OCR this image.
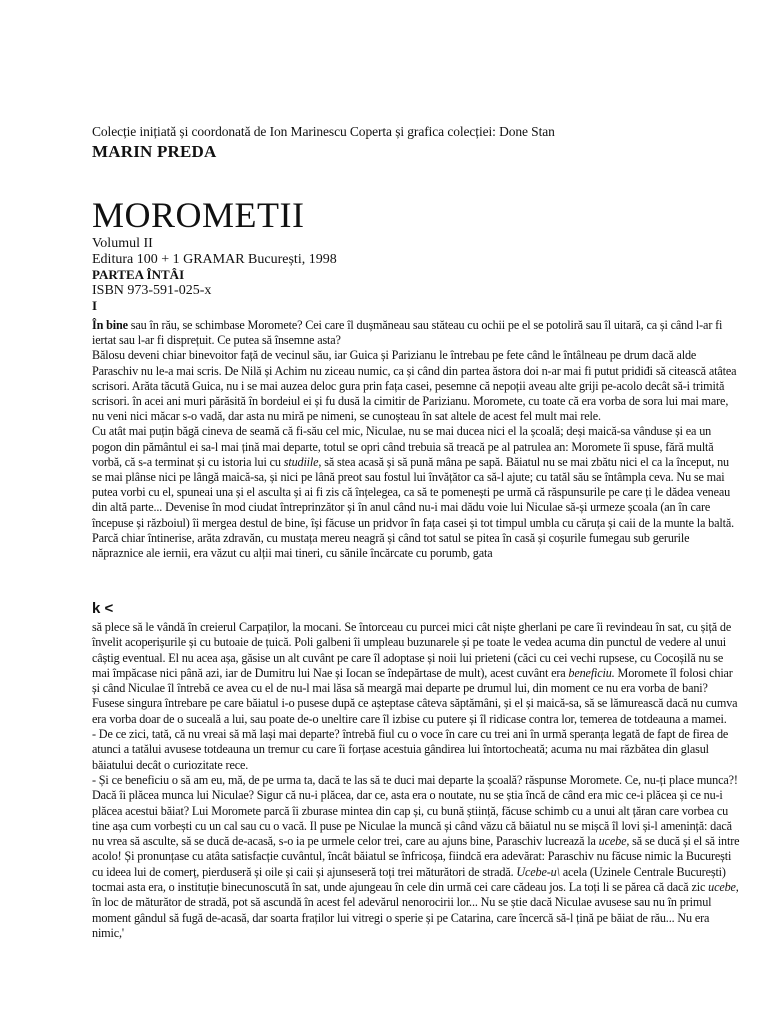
Colecție inițiată și coordonată de Ion Marinescu Coperta și grafica colecției: Done Stan
MARIN PREDA
MOROMETII
Volumul II
Editura 100 + 1 GRAMAR București, 1998
PARTEA ÎNTÂI
ISBN 973-591-025-x
I

În bine sau în rău, se schimbase Moromete? Cei care îl dușmăneau sau stăteau cu ochii pe el se potoliră sau îl uitară, ca și când l-ar fi iertat sau l-ar fi disprețuit. Ce putea să însemne asta?

Bălosu deveni chiar binevoitor față de vecinul său, iar Guica și Parizianu le întrebau pe fete când le întâlneau pe drum dacă alde Paraschiv nu le-a mai scris. De Nilă și Achim nu ziceau numic, ca și când din partea ăstora doi n-ar mai fi putut pridiđi să citească atâtea scrisori. Arăta tăcută Guica, nu i se mai auzea deloc gura prin fața casei, pesemne că nepoții aveau alte griji pe-acolo decât să-i trimită scrisori. în acei ani muri părăsită în bordeiul ei și fu dusă la cimitir de Parizianu. Moromete, cu toate că era vorba de sora lui mai mare, nu veni nici măcar s-o vadă, dar asta nu miră pe nimeni, se cunoșteau în sat altele de acest fel mult mai rele.

Cu atât mai puțin băgă cineva de seamă că fi-său cel mic, Niculae, nu se mai ducea nici el la școală; deși maică-sa vânduse și ea un pogon din pământul ei sa-l mai țină mai departe, totul se opri când trebuia să treacă pe al patrulea an: Moromete îi spuse, fără multă vorbă, că s-a terminat și cu istoria lui cu studiile, să stea acasă și să pună mâna pe sapă. Băiatul nu se mai zbătu nici el ca la început, nu se mai plânse nici pe lângă maică-sa, și nici pe lână preot sau fostul lui învățător ca să-l ajute; cu tatăl său se întâmpla ceva. Nu se mai putea vorbi cu el, spuneai una și el asculta și ai fi zis că înțelegea, ca să te pomenești pe urmă că răspunsurile pe care ți le dădea veneau din altă parte... Devenise în mod ciudat întreprinzător și în anul când nu-i mai dădu voie lui Niculae să-și urmeze școala (an în care începuse și războiul) îi mergea destul de bine, își făcuse un pridvor în fața casei și tot timpul umbla cu căruța și caii de la munte la baltă. Parcă chiar întinerise, arăta zdravăn, cu mustața mereu neagră și când tot satul se pitea în casă și coșurile fumegau sub gerurile năpraznice ale iernii, era văzut cu alții mai tineri, cu sănile încărcate cu porumb, gata

k <

să plece să le vândă în creierul Carpaților, la mocani. Se întorceau cu purcei mici cât niște gherlani pe care îi revindeau în sat, cu șiță de învelit acoperișurile și cu butoaie de țuică. Poli galbeni îi umpleau buzunarele și pe toate le vedea acuma din punctul de vedere al unui câștig eventual. El nu acea așa, găsise un alt cuvânt pe care îl adoptase și noii lui prieteni (căci cu cei vechi rupsese, cu Cocoșilă nu se mai împăcase nici până azi, iar de Dumitru lui Nae și Iocan se îndepărtase de mult), acest cuvânt era beneficiu. Moromete îl folosi chiar și când Niculae îl întrebă ce avea cu el de nu-l mai lăsa să meargă mai departe pe drumul lui, din moment ce nu era vorba de bani? Fusese singura întrebare pe care băiatul i-o pusese după ce așteptase câteva săptămâni, și el și maică-sa, să se lămurească dacă nu cumva era vorba doar de o suceală a lui, sau poate de-o uneltire care îl izbise cu putere și îl ridicase contra lor, temerea de totdeauna a mamei.

- De ce zici, tată, că nu vreai să mă lași mai departe? întrebă fiul cu o voce în care cu trei ani în urmă speranța legată de fapt de firea de atunci a tatălui avusese totdeauna un tremur cu care îi forțase acestuia gândirea lui întortocheată; acuma nu mai răzbătea din glasul băiatului decât o curiozitate rece.

- Și ce beneficiu o să am eu, mă, de pe urma ta, dacă te las să te duci mai departe la școală? răspunse Moromete. Ce, nu-ți place munca?!

Dacă îi plăcea munca lui Niculae? Sigur că nu-i plăcea, dar ce, asta era o noutate, nu se știa încă de când era mic ce-i plăcea și ce nu-i plăcea acestui băiat? Lui Moromete parcă îi zburase mintea din cap și, cu bună știință, făcuse schimb cu a unui alt țăran care vorbea cu tine așa cum vorbești cu un cal sau cu o vacă. Il puse pe Niculae la muncă și când văzu că băiatul nu se mișcă îl lovi și-l amenință: dacă nu vrea să asculte, să se ducă de-acasă, s-o ia pe urmele celor trei, care au ajuns bine, Paraschiv lucrează la ucebe, să se ducă și el să intre acolo! Și pronunțase cu atâta satisfacție cuvântul, încât băiatul se înfricoșa, fiindcă era adevărat: Paraschiv nu făcuse nimic la București cu ideea lui de comerț, pierduseră și oile și caii și ajunseseră toți trei măturători de stradă. Ucebe-u\ acela (Uzinele Centrale București) tocmai asta era, o instituție binecunoscută în sat, unde ajungeau în cele din urmă cei care cădeau jos. La toți li se părea că dacă zic ucebe, în loc de măturător de stradă, pot să ascundă în acest fel adevărul nenorocirii lor... Nu se știe dacă Niculae avusese sau nu în primul moment gândul să fugă de-acasă, dar soarta fraților lui vitregi o sperie și pe Catarina, care încercă să-l țină pe băiat de rău... Nu era nimic,'
